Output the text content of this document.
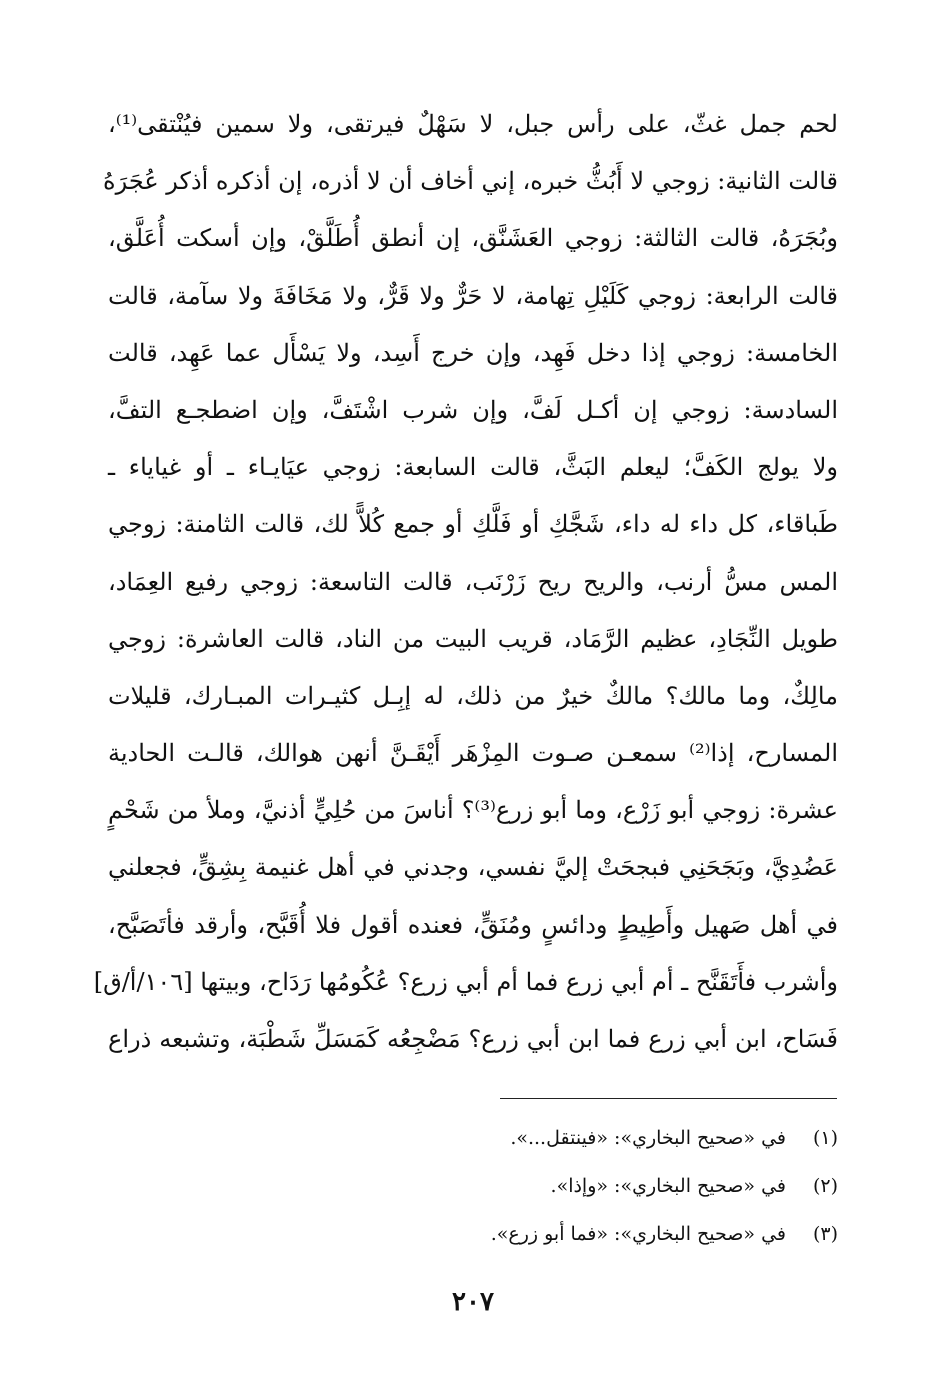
لحم جمل غثّ، على رأس جبل، لا سَهْلٌ فيرتقى، ولا سمين فيُنْتقى⁽¹⁾،
قالت الثانية: زوجي لا أَبُثُّ خبره، إني أخاف أن لا أذره، إن أذكره أذكر عُجَرَهُ
وبُجَرَهُ، قالت الثالثة: زوجي العَشَنَّق، إن أنطق أُطَلَّقْ، وإن أسكت أُعَلَّق،
قالت الرابعة: زوجي كَلَيْلِ تِهامة، لا حَرٌّ ولا قَرٌّ، ولا مَخَافَةَ ولا سآمة، قالت
الخامسة: زوجي إذا دخل فَهِد، وإن خرج أَسِد، ولا يَسْأَل عما عَهِد، قالت
السادسة: زوجي إن أكـل لَفَّ، وإن شرب اشْتَفَّ، وإن اضطجـع التفَّ،
ولا يولج الكَفَّ؛ ليعلم البَثَّ، قالت السابعة: زوجي عيَايـاء ـ أو غياياء ـ
طَباقاء، كل داء له داء، شَجَّكِ أو فَلَّكِ أو جمع كُلاًّ لك، قالت الثامنة: زوجي
المس مسُّ أرنب، والريح ريح زَرْنَب، قالت التاسعة: زوجي رفيع العِمَاد،
طويل النِّجَادِ، عظيم الرَّمَاد، قريب البيت من الناد، قالت العاشرة: زوجي
مالِكٌ، وما مالك؟ مالكٌ خيرٌ من ذلك، له إبِـل كثيـرات المبـارك، قليلات
المسارح، إذا⁽²⁾ سمعـن صـوت المِزْهَر أَيْقَـنَّ أنهن هوالك، قالـت الحادية
عشرة: زوجي أبو زَرْع، وما أبو زرع⁽³⁾؟ أناسَ من حُلِيٍّ أذنيَّ، وملأ من شَحْمٍ
عَضُدِيَّ، وبَجَحَنِي فبجحَتْ إليَّ نفسي، وجدني في أهل غنيمة بِشِقٍّ، فجعلني
في أهل صَهيل وأَطِيطٍ ودائسٍ ومُنَقٍّ، فعنده أقول فلا أُقَبَّح، وأرقد فأتَصَبَّح،
وأشرب فأَتَقَنَّح ـ أم أبي زرع فما أم أبي زرع؟ عُكُومُها رَدَاح، وبيتها [١٠٦/أ/ق]
فَسَاح، ابن أبي زرع فما ابن أبي زرع؟ مَضْجِعُه كَمَسَلِّ شَطْبَة، وتشبعه ذراع
(١)في «صحيح البخاري»: «فينتقل...».
(٢)في «صحيح البخاري»: «وإذا».
(٣)في «صحيح البخاري»: «فما أبو زرع».
٢٠٧
